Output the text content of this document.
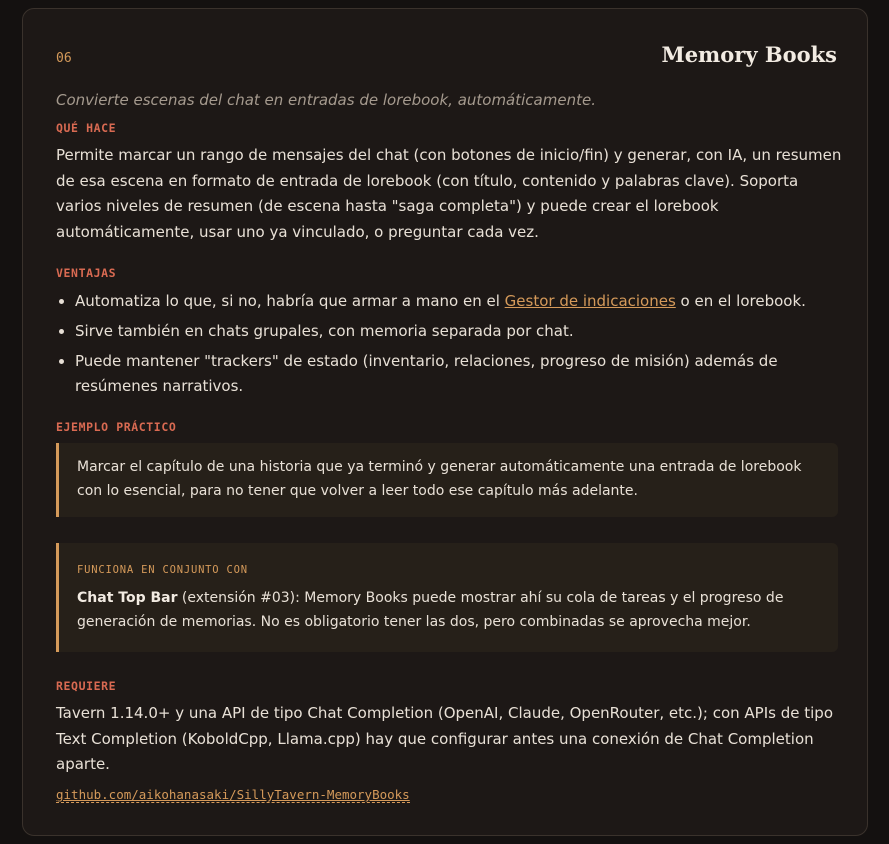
06	Memory Books
Convierte escenas del chat en entradas de lorebook, automáticamente.
QUÉ HACE
Permite marcar un rango de mensajes del chat (con botones de inicio/fin) y generar, con IA, un resumen de esa escena en formato de entrada de lorebook (con título, contenido y palabras clave). Soporta varios niveles de resumen (de escena hasta "saga completa") y puede crear el lorebook automáticamente, usar uno ya vinculado, o preguntar cada vez.
VENTAJAS
• Automatiza lo que, si no, habría que armar a mano en el Gestor de indicaciones o en el lorebook.
• Sirve también en chats grupales, con memoria separada por chat.
• Puede mantener "trackers" de estado (inventario, relaciones, progreso de misión) además de resúmenes narrativos.
EJEMPLO PRÁCTICO
Marcar el capítulo de una historia que ya terminó y generar automáticamente una entrada de lorebook con lo esencial, para no tener que volver a leer todo ese capítulo más adelante.
FUNCIONA EN CONJUNTO CON
Chat Top Bar (extensión #03): Memory Books puede mostrar ahí su cola de tareas y el progreso de generación de memorias. No es obligatorio tener las dos, pero combinadas se aprovecha mejor.
REQUIERE
Tavern 1.14.0+ y una API de tipo Chat Completion (OpenAI, Claude, OpenRouter, etc.); con APIs de tipo Text Completion (KoboldCpp, Llama.cpp) hay que configurar antes una conexión de Chat Completion aparte.
github.com/aikohanasaki/SillyTavern-MemoryBooks
